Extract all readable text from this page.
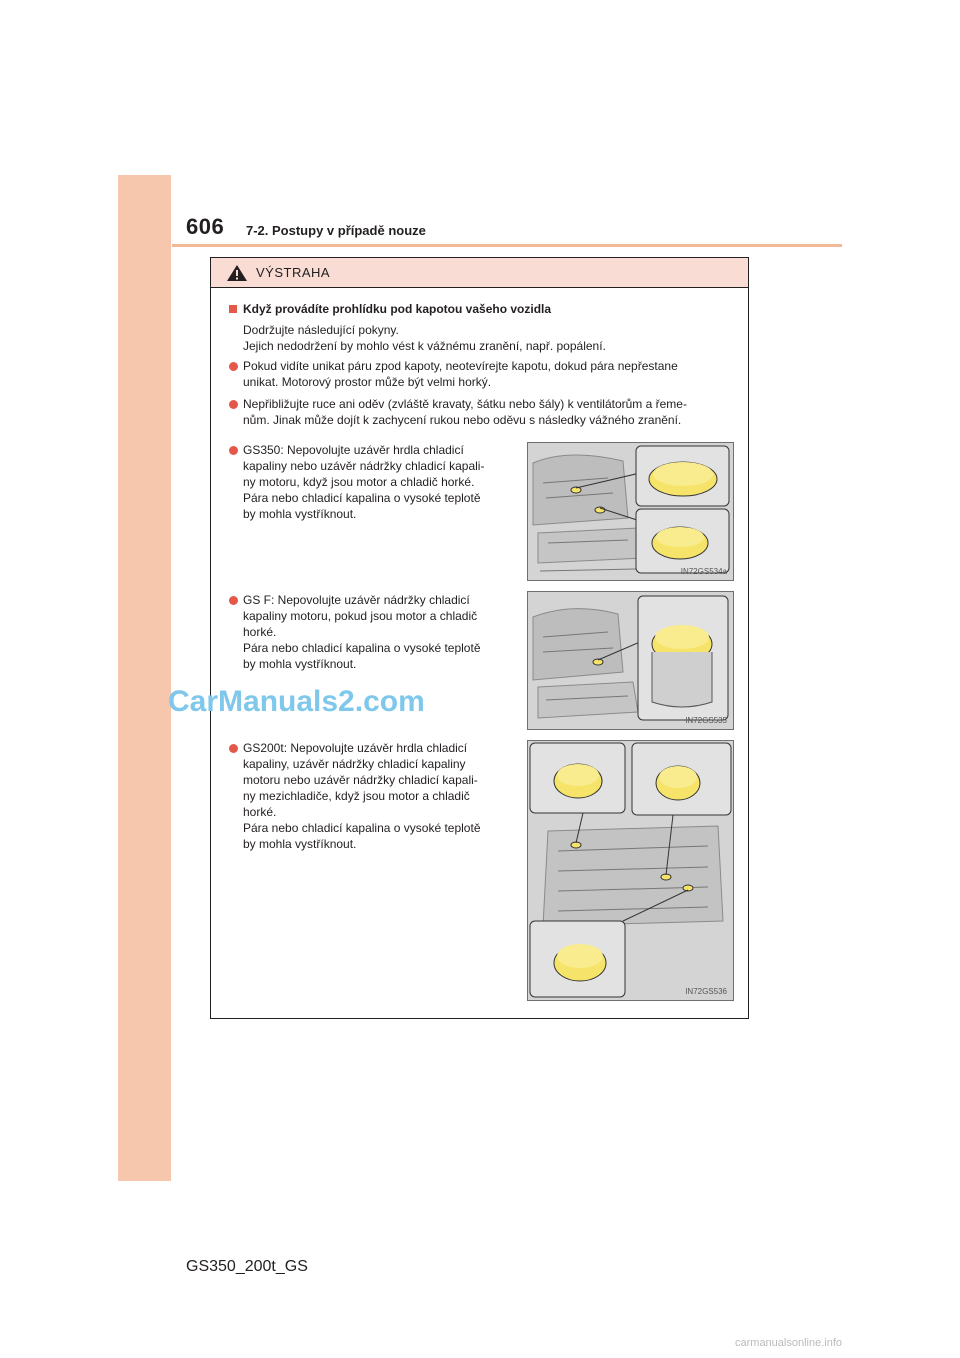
606 7-2. Postupy v případě nouze
VÝSTRAHA
Když provádíte prohlídku pod kapotou vašeho vozidla
Dodržujte následující pokyny.
Jejich nedodržení by mohlo vést k vážnému zranění, např. popálení.
Pokud vidíte unikat páru zpod kapoty, neotevírejte kapotu, dokud pára nepřestane
unikat. Motorový prostor může být velmi horký.
Nepřibližujte ruce ani oděv (zvláště kravaty, šátku nebo šály) k ventilátorům a řeme-
nům. Jinak může dojít k zachycení rukou nebo oděvu s následky vážného zranění.
GS350: Nepovolujte uzávěr hrdla chladicí
kapaliny nebo uzávěr nádržky chladicí kapali-
ny motoru, když jsou motor a chladič horké.
Pára nebo chladicí kapalina o vysoké teplotě
by mohla vystříknout.
GS F: Nepovolujte uzávěr nádržky chladicí
kapaliny motoru, pokud jsou motor a chladič
horké.
Pára nebo chladicí kapalina o vysoké teplotě
by mohla vystříknout.
GS200t: Nepovolujte uzávěr hrdla chladicí
kapaliny, uzávěr nádržky chladicí kapaliny
motoru nebo uzávěr nádržky chladicí kapali-
ny mezichladiče, když jsou motor a chladič
horké.
Pára nebo chladicí kapalina o vysoké teplotě
by mohla vystříknout.
IN72GS534a
IN72GS535
IN72GS536
CarManuals2.com
GS350_200t_GS
carmanualsonline.info
